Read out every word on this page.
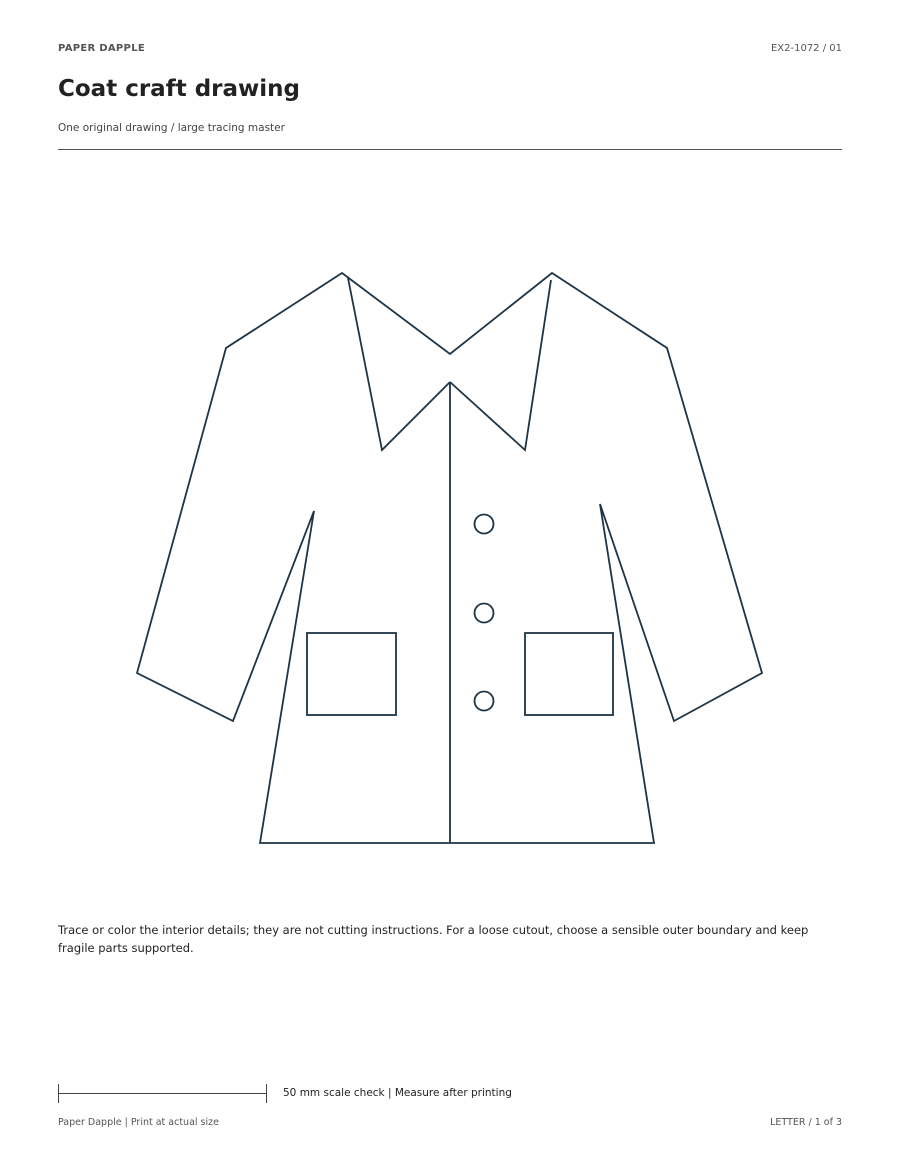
PAPER DAPPLE	EX2-1072 / 01
Coat craft drawing
One original drawing / large tracing master

Trace or color the interior details; they are not cutting instructions. For a loose cutout, choose a sensible outer boundary and keep fragile parts supported.

50 mm scale check | Measure after printing
Paper Dapple | Print at actual size	LETTER / 1 of 3
